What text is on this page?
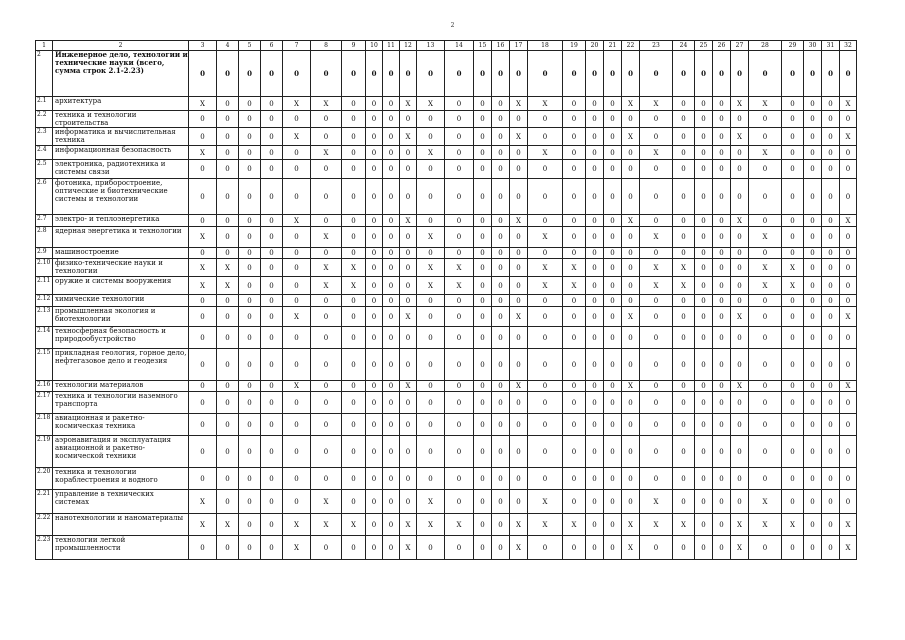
2
1	2	3	4	5	6	7	8	9	10	11	12	13	14	15	16	17	18	19	20	21	22	23	24	25	26	27	28	29	30	31	32
2	Инженерное дело, технологии и технические науки (всего, сумма строк 2.1-2.23)	0	0	0	0	0	0	0	0	0	0	0	0	0	0	0	0	0	0	0	0	0	0	0	0	0	0	0	0	0	0
2.1	архитектура	X	0	0	0	X	X	0	0	0	X	X	0	0	0	X	X	0	0	0	X	X	0	0	0	X	X	0	0	0	X
2.2	техника и технологии строительства	0	0	0	0	0	0	0	0	0	0	0	0	0	0	0	0	0	0	0	0	0	0	0	0	0	0	0	0	0	0
2.3	информатика и вычислительная техника	0	0	0	0	X	0	0	0	0	X	0	0	0	0	X	0	0	0	0	X	0	0	0	0	X	0	0	0	0	X
2.4	информационная безопасность	X	0	0	0	0	X	0	0	0	0	X	0	0	0	0	X	0	0	0	0	X	0	0	0	0	X	0	0	0	0
2.5	электроника, радиотехника и системы связи	0	0	0	0	0	0	0	0	0	0	0	0	0	0	0	0	0	0	0	0	0	0	0	0	0	0	0	0	0	0
2.6	фотоника, приборостроение, оптические и биотехнические системы и технологии	0	0	0	0	0	0	0	0	0	0	0	0	0	0	0	0	0	0	0	0	0	0	0	0	0	0	0	0	0	0
2.7	электро- и теплоэнергетика	0	0	0	0	X	0	0	0	0	X	0	0	0	0	X	0	0	0	0	X	0	0	0	0	X	0	0	0	0	X
2.8	ядерная энергетика и технологии	X	0	0	0	0	X	0	0	0	0	X	0	0	0	0	X	0	0	0	0	X	0	0	0	0	X	0	0	0	0
2.9	машиностроение	0	0	0	0	0	0	0	0	0	0	0	0	0	0	0	0	0	0	0	0	0	0	0	0	0	0	0	0	0	0
2.10	физико-технические науки и технологии	X	X	0	0	0	X	X	0	0	0	X	X	0	0	0	X	X	0	0	0	X	X	0	0	0	X	X	0	0	0
2.11	оружие и системы вооружения	X	X	0	0	0	X	X	0	0	0	X	X	0	0	0	X	X	0	0	0	X	X	0	0	0	X	X	0	0	0
2.12	химические технологии	0	0	0	0	0	0	0	0	0	0	0	0	0	0	0	0	0	0	0	0	0	0	0	0	0	0	0	0	0	0
2.13	промышленная экология и биотехнологии	0	0	0	0	X	0	0	0	0	X	0	0	0	0	X	0	0	0	0	X	0	0	0	0	X	0	0	0	0	X
2.14	техносферная безопасность и природообустройство	0	0	0	0	0	0	0	0	0	0	0	0	0	0	0	0	0	0	0	0	0	0	0	0	0	0	0	0	0	0
2.15	прикладная геология, горное дело, нефтегазовое дело и геодезия	0	0	0	0	0	0	0	0	0	0	0	0	0	0	0	0	0	0	0	0	0	0	0	0	0	0	0	0	0	0
2.16	технологии материалов	0	0	0	0	X	0	0	0	0	X	0	0	0	0	X	0	0	0	0	X	0	0	0	0	X	0	0	0	0	X
2.17	техника и технологии наземного транспорта	0	0	0	0	0	0	0	0	0	0	0	0	0	0	0	0	0	0	0	0	0	0	0	0	0	0	0	0	0	0
2.18	авиационная и ракетно-космическая техника	0	0	0	0	0	0	0	0	0	0	0	0	0	0	0	0	0	0	0	0	0	0	0	0	0	0	0	0	0	0
2.19	аэронавигация и эксплуатация авиационной и ракетно-космической техники	0	0	0	0	0	0	0	0	0	0	0	0	0	0	0	0	0	0	0	0	0	0	0	0	0	0	0	0	0	0
2.20	техника и технологии кораблестроения и водного	0	0	0	0	0	0	0	0	0	0	0	0	0	0	0	0	0	0	0	0	0	0	0	0	0	0	0	0	0	0
2.21	управление в технических системах	X	0	0	0	0	X	0	0	0	0	X	0	0	0	0	X	0	0	0	0	X	0	0	0	0	X	0	0	0	0
2.22	нанотехнологии и наноматериалы	X	X	0	0	X	X	X	0	0	X	X	X	0	0	X	X	X	0	0	X	X	X	0	0	X	X	X	0	0	X
2.23	технологии легкой промышленности	0	0	0	0	X	0	0	0	0	X	0	0	0	0	X	0	0	0	0	X	0	0	0	0	X	0	0	0	0	X
